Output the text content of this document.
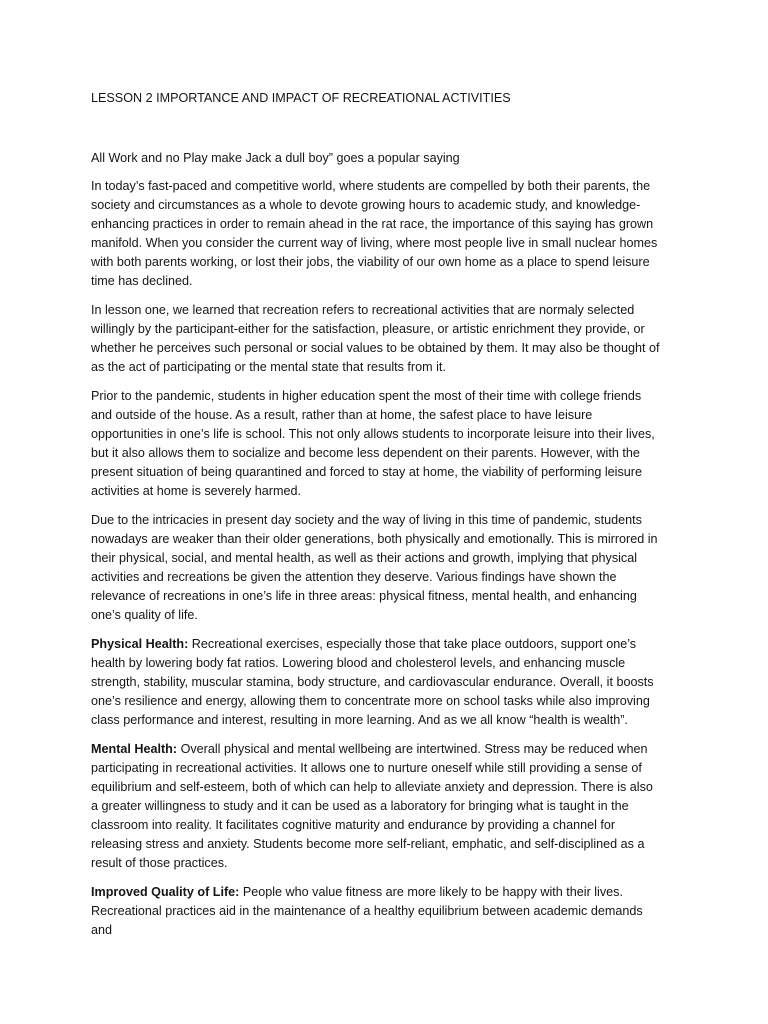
LESSON 2 IMPORTANCE AND IMPACT OF RECREATIONAL ACTIVITIES

All Work and no Play make Jack a dull boy” goes a popular saying

In today’s fast-paced and competitive world, where students are compelled by both their parents, the society and circumstances as a whole to devote growing hours to academic study, and knowledge-enhancing practices in order to remain ahead in the rat race, the importance of this saying has grown manifold. When you consider the current way of living, where most people live in small nuclear homes with both parents working, or lost their jobs, the viability of our own home as a place to spend leisure time has declined.

In lesson one, we learned that recreation refers to recreational activities that are normaly selected willingly by the participant-either for the satisfaction, pleasure, or artistic enrichment they provide, or whether he perceives such personal or social values to be obtained by them. It may also be thought of as the act of participating or the mental state that results from it.

Prior to the pandemic, students in higher education spent the most of their time with college friends and outside of the house. As a result, rather than at home, the safest place to have leisure opportunities in one’s life is school. This not only allows students to incorporate leisure into their lives, but it also allows them to socialize and become less dependent on their parents. However, with the present situation of being quarantined and forced to stay at home, the viability of performing leisure activities at home is severely harmed.

Due to the intricacies in present day society and the way of living in this time of pandemic, students nowadays are weaker than their older generations, both physically and emotionally. This is mirrored in their physical, social, and mental health, as well as their actions and growth, implying that physical activities and recreations be given the attention they deserve. Various findings have shown the relevance of recreations in one’s life in three areas: physical fitness, mental health, and enhancing one’s quality of life.

Physical Health: Recreational exercises, especially those that take place outdoors, support one’s health by lowering body fat ratios. Lowering blood and cholesterol levels, and enhancing muscle strength, stability, muscular stamina, body structure, and cardiovascular endurance. Overall, it boosts one’s resilience and energy, allowing them to concentrate more on school tasks while also improving class performance and interest, resulting in more learning. And as we all know “health is wealth”.

Mental Health: Overall physical and mental wellbeing are intertwined. Stress may be reduced when participating in recreational activities. It allows one to nurture oneself while still providing a sense of equilibrium and self-esteem, both of which can help to alleviate anxiety and depression. There is also a greater willingness to study and it can be used as a laboratory for bringing what is taught in the classroom into reality. It facilitates cognitive maturity and endurance by providing a channel for releasing stress and anxiety. Students become more self-reliant, emphatic, and self-disciplined as a result of those practices.

Improved Quality of Life: People who value fitness are more likely to be happy with their lives. Recreational practices aid in the maintenance of a healthy equilibrium between academic demands and
